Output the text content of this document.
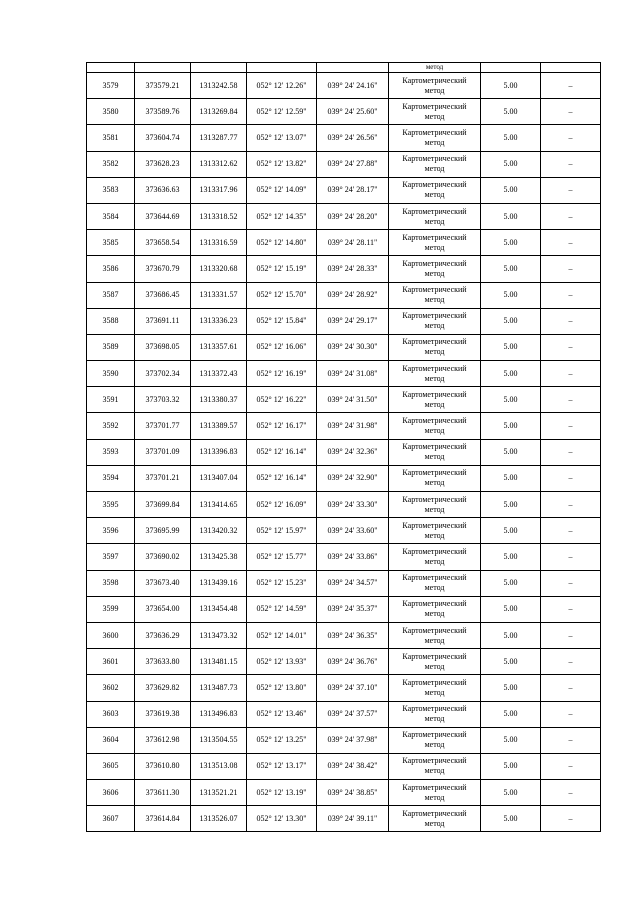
					метод		
3579	373579.21	1313242.58	052° 12' 12.26"	039° 24' 24.16"	Картометрический
метод	5.00	–
3580	373589.76	1313269.84	052° 12' 12.59"	039° 24' 25.60"	Картометрический
метод	5.00	–
3581	373604.74	1313287.77	052° 12' 13.07"	039° 24' 26.56"	Картометрический
метод	5.00	–
3582	373628.23	1313312.62	052° 12' 13.82"	039° 24' 27.88"	Картометрический
метод	5.00	–
3583	373636.63	1313317.96	052° 12' 14.09"	039° 24' 28.17"	Картометрический
метод	5.00	–
3584	373644.69	1313318.52	052° 12' 14.35"	039° 24' 28.20"	Картометрический
метод	5.00	–
3585	373658.54	1313316.59	052° 12' 14.80"	039° 24' 28.11"	Картометрический
метод	5.00	–
3586	373670.79	1313320.68	052° 12' 15.19"	039° 24' 28.33"	Картометрический
метод	5.00	–
3587	373686.45	1313331.57	052° 12' 15.70"	039° 24' 28.92"	Картометрический
метод	5.00	–
3588	373691.11	1313336.23	052° 12' 15.84"	039° 24' 29.17"	Картометрический
метод	5.00	–
3589	373698.05	1313357.61	052° 12' 16.06"	039° 24' 30.30"	Картометрический
метод	5.00	–
3590	373702.34	1313372.43	052° 12' 16.19"	039° 24' 31.08"	Картометрический
метод	5.00	–
3591	373703.32	1313380.37	052° 12' 16.22"	039° 24' 31.50"	Картометрический
метод	5.00	–
3592	373701.77	1313389.57	052° 12' 16.17"	039° 24' 31.98"	Картометрический
метод	5.00	–
3593	373701.09	1313396.83	052° 12' 16.14"	039° 24' 32.36"	Картометрический
метод	5.00	–
3594	373701.21	1313407.04	052° 12' 16.14"	039° 24' 32.90"	Картометрический
метод	5.00	–
3595	373699.84	1313414.65	052° 12' 16.09"	039° 24' 33.30"	Картометрический
метод	5.00	–
3596	373695.99	1313420.32	052° 12' 15.97"	039° 24' 33.60"	Картометрический
метод	5.00	–
3597	373690.02	1313425.38	052° 12' 15.77"	039° 24' 33.86"	Картометрический
метод	5.00	–
3598	373673.40	1313439.16	052° 12' 15.23"	039° 24' 34.57"	Картометрический
метод	5.00	–
3599	373654.00	1313454.48	052° 12' 14.59"	039° 24' 35.37"	Картометрический
метод	5.00	–
3600	373636.29	1313473.32	052° 12' 14.01"	039° 24' 36.35"	Картометрический
метод	5.00	–
3601	373633.80	1313481.15	052° 12' 13.93"	039° 24' 36.76"	Картометрический
метод	5.00	–
3602	373629.82	1313487.73	052° 12' 13.80"	039° 24' 37.10"	Картометрический
метод	5.00	–
3603	373619.38	1313496.83	052° 12' 13.46"	039° 24' 37.57"	Картометрический
метод	5.00	–
3604	373612.98	1313504.55	052° 12' 13.25"	039° 24' 37.98"	Картометрический
метод	5.00	–
3605	373610.80	1313513.08	052° 12' 13.17"	039° 24' 38.42"	Картометрический
метод	5.00	–
3606	373611.30	1313521.21	052° 12' 13.19"	039° 24' 38.85"	Картометрический
метод	5.00	–
3607	373614.84	1313526.07	052° 12' 13.30"	039° 24' 39.11"	Картометрический
метод	5.00	–
